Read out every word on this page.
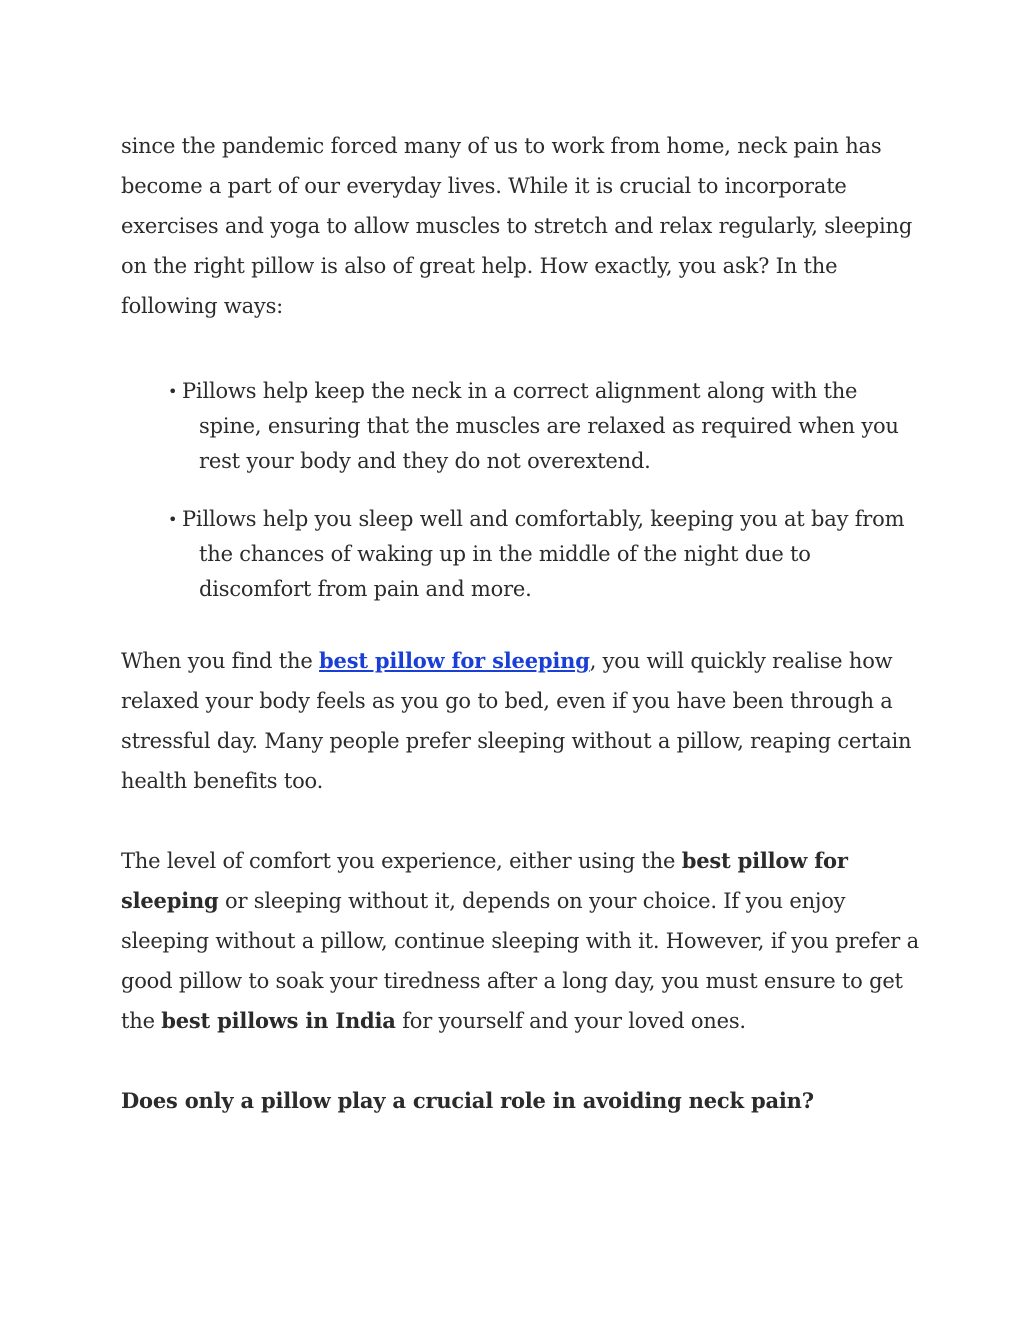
since the pandemic forced many of us to work from home, neck pain has become a part of our everyday lives. While it is crucial to incorporate exercises and yoga to allow muscles to stretch and relax regularly, sleeping on the right pillow is also of great help. How exactly, you ask? In the following ways:

• Pillows help keep the neck in a correct alignment along with the spine, ensuring that the muscles are relaxed as required when you rest your body and they do not overextend.
• Pillows help you sleep well and comfortably, keeping you at bay from the chances of waking up in the middle of the night due to discomfort from pain and more.

When you find the best pillow for sleeping, you will quickly realise how relaxed your body feels as you go to bed, even if you have been through a stressful day. Many people prefer sleeping without a pillow, reaping certain health benefits too.

The level of comfort you experience, either using the best pillow for sleeping or sleeping without it, depends on your choice. If you enjoy sleeping without a pillow, continue sleeping with it. However, if you prefer a good pillow to soak your tiredness after a long day, you must ensure to get the best pillows in India for yourself and your loved ones.

Does only a pillow play a crucial role in avoiding neck pain?
